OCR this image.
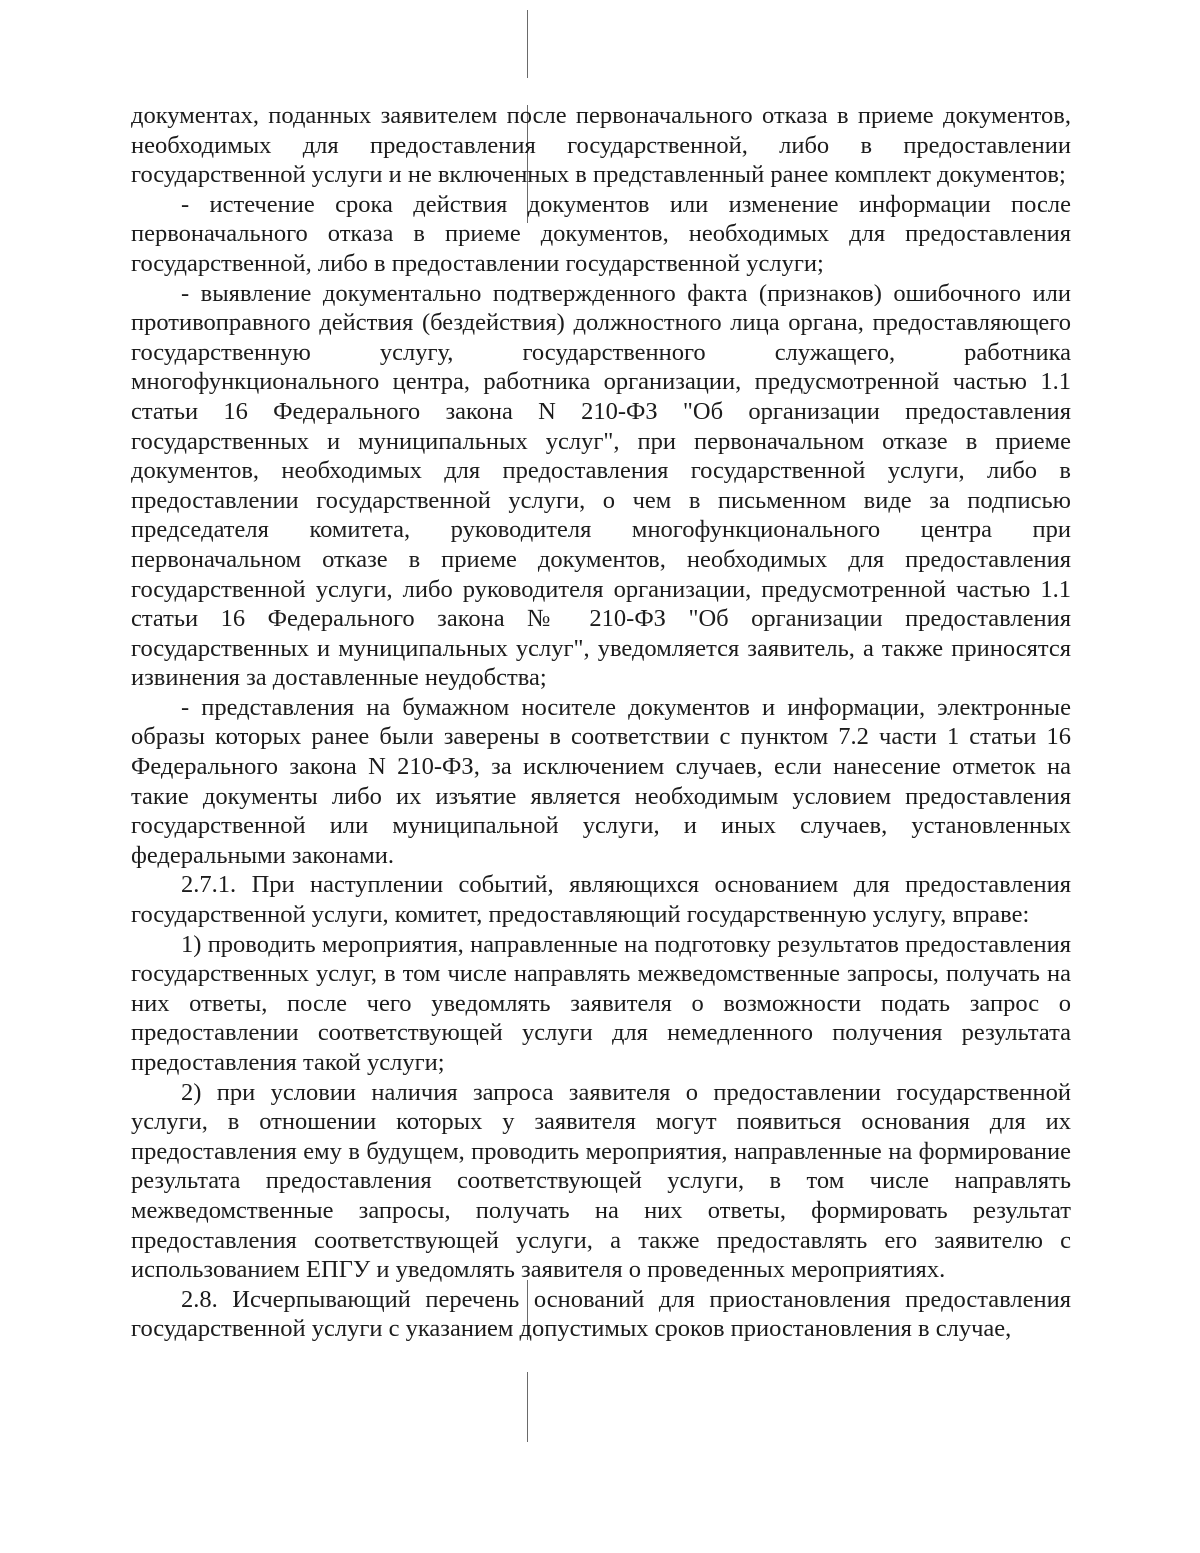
документах, поданных заявителем после первоначального отказа в приеме документов, необходимых для предоставления государственной, либо в предоставлении государственной услуги и не включенных в представленный ранее комплект документов;

- истечение срока действия документов или изменение информации после первоначального отказа в приеме документов, необходимых для предоставления государственной, либо в предоставлении государственной услуги;

- выявление документально подтвержденного факта (признаков) ошибочного или противоправного действия (бездействия) должностного лица органа, предоставляющего государственную услугу, государственного служащего, работника многофункционального центра, работника организации, предусмотренной частью 1.1 статьи 16 Федерального закона N 210-ФЗ "Об организации предоставления государственных и муниципальных услуг", при первоначальном отказе в приеме документов, необходимых для предоставления государственной услуги, либо в предоставлении государственной услуги, о чем в письменном виде за подписью председателя комитета, руководителя многофункционального центра при первоначальном отказе в приеме документов, необходимых для предоставления государственной услуги, либо руководителя организации, предусмотренной частью 1.1 статьи 16 Федерального закона № 210-ФЗ "Об организации предоставления государственных и муниципальных услуг", уведомляется заявитель, а также приносятся извинения за доставленные неудобства;

- представления на бумажном носителе документов и информации, электронные образы которых ранее были заверены в соответствии с пунктом 7.2 части 1 статьи 16 Федерального закона N 210-ФЗ, за исключением случаев, если нанесение отметок на такие документы либо их изъятие является необходимым условием предоставления государственной или муниципальной услуги, и иных случаев, установленных федеральными законами.

2.7.1. При наступлении событий, являющихся основанием для предоставления государственной услуги, комитет, предоставляющий государственную услугу, вправе:

1) проводить мероприятия, направленные на подготовку результатов предоставления государственных услуг, в том числе направлять межведомственные запросы, получать на них ответы, после чего уведомлять заявителя о возможности подать запрос о предоставлении соответствующей услуги для немедленного получения результата предоставления такой услуги;

2) при условии наличия запроса заявителя о предоставлении государственной услуги, в отношении которых у заявителя могут появиться основания для их предоставления ему в будущем, проводить мероприятия, направленные на формирование результата предоставления соответствующей услуги, в том числе направлять межведомственные запросы, получать на них ответы, формировать результат предоставления соответствующей услуги, а также предоставлять его заявителю с использованием ЕПГУ и уведомлять заявителя о проведенных мероприятиях.

2.8. Исчерпывающий перечень оснований для приостановления предоставления государственной услуги с указанием допустимых сроков приостановления в случае,
